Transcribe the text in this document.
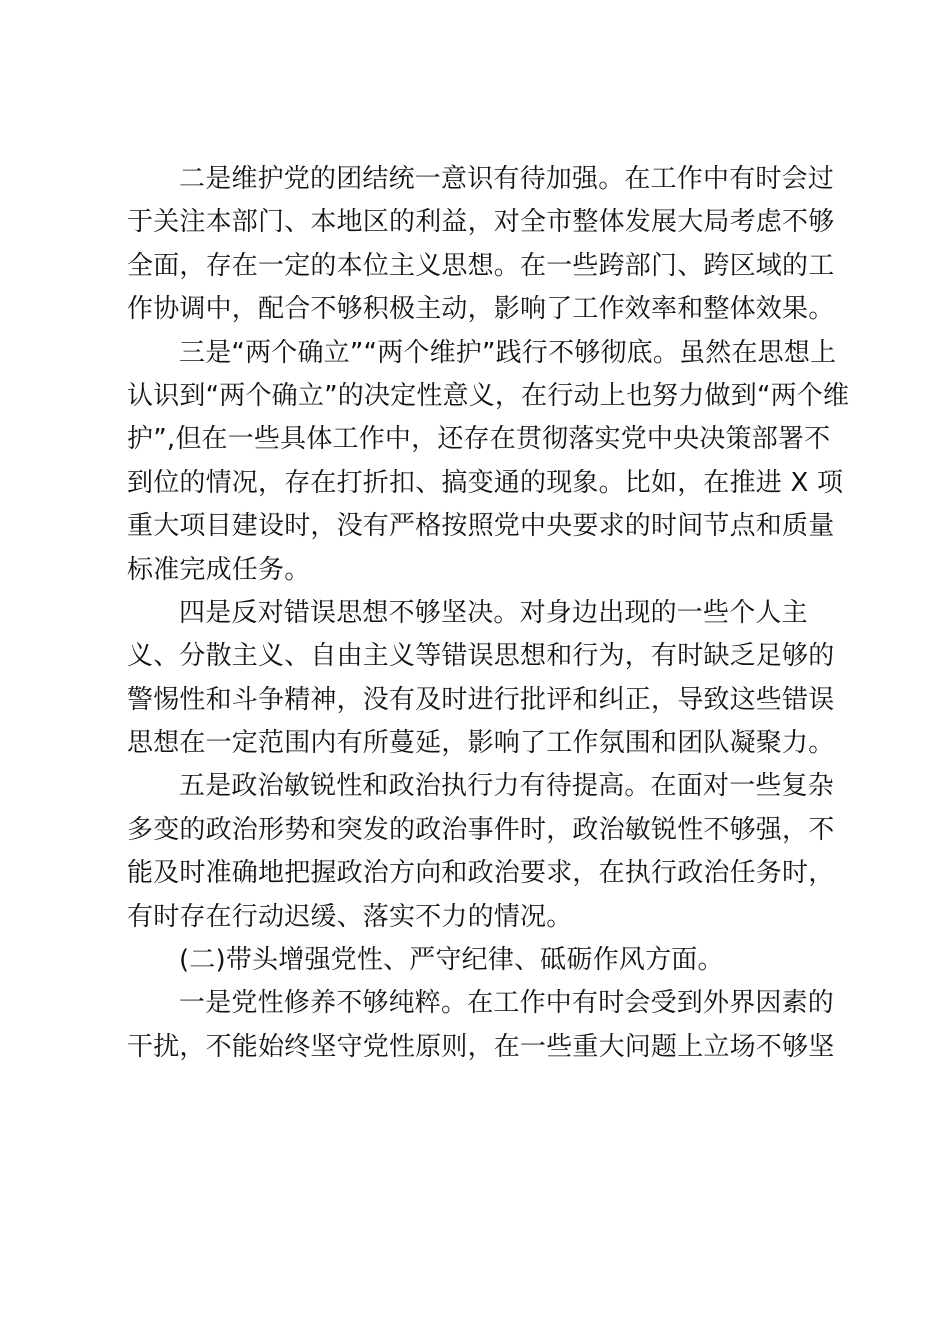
二是维护党的团结统一意识有待加强。在工作中有时会过
于关注本部门、本地区的利益，对全市整体发展大局考虑不够
全面，存在一定的本位主义思想。在一些跨部门、跨区域的工
作协调中，配合不够积极主动，影响了工作效率和整体效果。
三是“两个确立”“两个维护”践行不够彻底。虽然在思想上
认识到“两个确立”的决定性意义，在行动上也努力做到“两个维
护”,但在一些具体工作中，还存在贯彻落实党中央决策部署不
到位的情况，存在打折扣、搞变通的现象。比如，在推进 X 项
重大项目建设时，没有严格按照党中央要求的时间节点和质量
标准完成任务。
四是反对错误思想不够坚决。对身边出现的一些个人主
义、分散主义、自由主义等错误思想和行为，有时缺乏足够的
警惕性和斗争精神，没有及时进行批评和纠正，导致这些错误
思想在一定范围内有所蔓延，影响了工作氛围和团队凝聚力。
五是政治敏锐性和政治执行力有待提高。在面对一些复杂
多变的政治形势和突发的政治事件时，政治敏锐性不够强，不
能及时准确地把握政治方向和政治要求，在执行政治任务时，
有时存在行动迟缓、落实不力的情况。
(二)带头增强党性、严守纪律、砥砺作风方面。
一是党性修养不够纯粹。在工作中有时会受到外界因素的
干扰，不能始终坚守党性原则，在一些重大问题上立场不够坚
